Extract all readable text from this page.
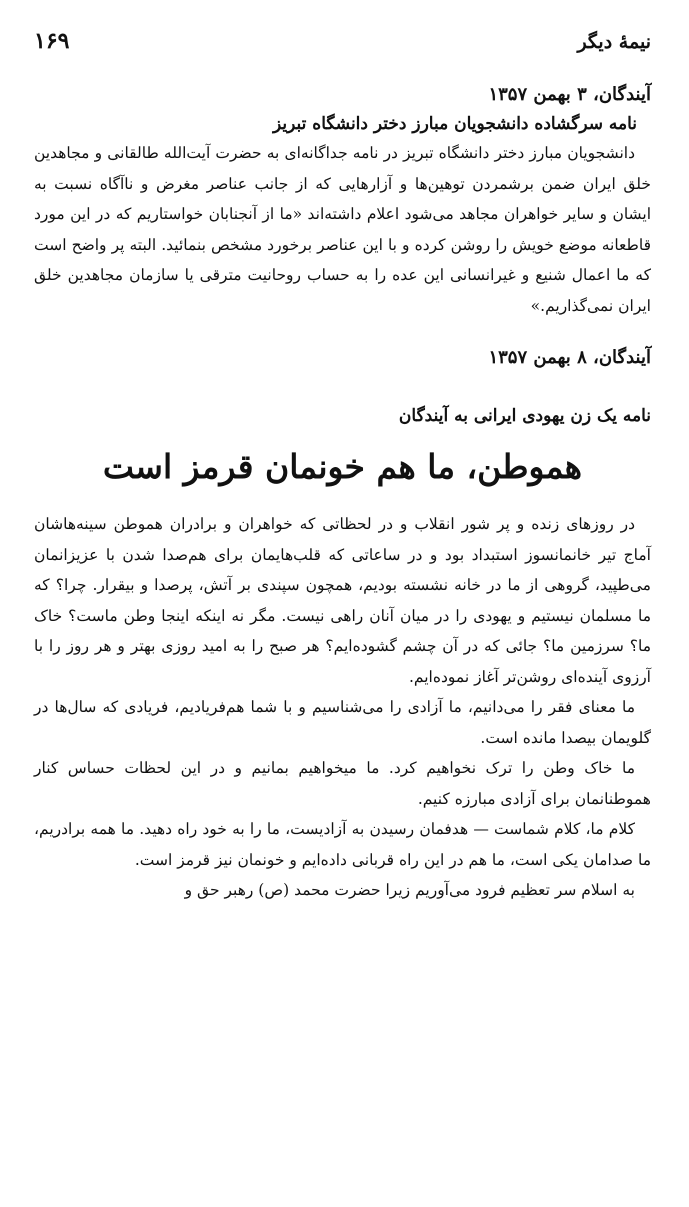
نیمهٔ دیگر
۱۶۹
آیندگان، ۳ بهمن ۱۳۵۷
نامه سرگشاده دانشجویان مبارز دختر دانشگاه تبریز

دانشجویان مبارز دختر دانشگاه تبریز در نامه جداگانه‌ای به حضرت آیت‌الله طالقانی و مجاهدین خلق ایران ضمن برشمردن توهین‌ها و آزارهایی که از جانب عناصر مغرض و ناآگاه نسبت به ایشان و سایر خواهران مجاهد می‌شود اعلام داشته‌اند «ما از آنجنابان خواستاریم که در این مورد قاطعانه موضع خویش را روشن کرده و با این عناصر برخورد مشخص بنمائید. البته پر واضح است که ما اعمال شنیع و غیرانسانی این عده را به حساب روحانیت مترقی یا سازمان مجاهدین خلق ایران نمی‌گذاریم.»

آیندگان، ۸ بهمن ۱۳۵۷
نامه یک زن یهودی ایرانی به آیندگان
هموطن، ما هم خونمان قرمز است

در روزهای زنده و پر شور انقلاب و در لحظاتی که خواهران و برادران هموطن سینه‌هاشان آماج تیر خانمانسوز استبداد بود و در ساعاتی که قلب‌هایمان برای هم‌صدا شدن با عزیزانمان می‌طپید، گروهی از ما در خانه نشسته بودیم، همچون سپندی بر آتش، پرصدا و بیقرار. چرا؟ که ما مسلمان نیستیم و یهودی را در میان آنان راهی نیست. مگر نه اینکه اینجا وطن ماست؟ خاک ما؟ سرزمین ما؟ جائی که در آن چشم گشوده‌ایم؟ هر صبح را به امید روزی بهتر و هر روز را با آرزوی آینده‌ای روشن‌تر آغاز نموده‌ایم.

ما معنای فقر را می‌دانیم، ما آزادی را می‌شناسیم و با شما هم‌فریادیم، فریادی که سال‌ها در گلو‌یمان بیصدا مانده است.

ما خاک وطن را ترک نخواهیم کرد. ما میخواهیم بمانیم و در این لحظات حساس کنار هموطنانمان برای آزادی مبارزه کنیم.

کلام ما، کلام شماست — هدفمان رسیدن به آزادیست، ما را به خود راه دهید. ما همه برادریم، ما صدامان یکی است، ما هم در این راه قربانی داده‌ایم و خونمان نیز قرمز است.

به اسلام سر تعظیم فرود می‌آوریم زیرا حضرت محمد (ص) رهبر حق و
